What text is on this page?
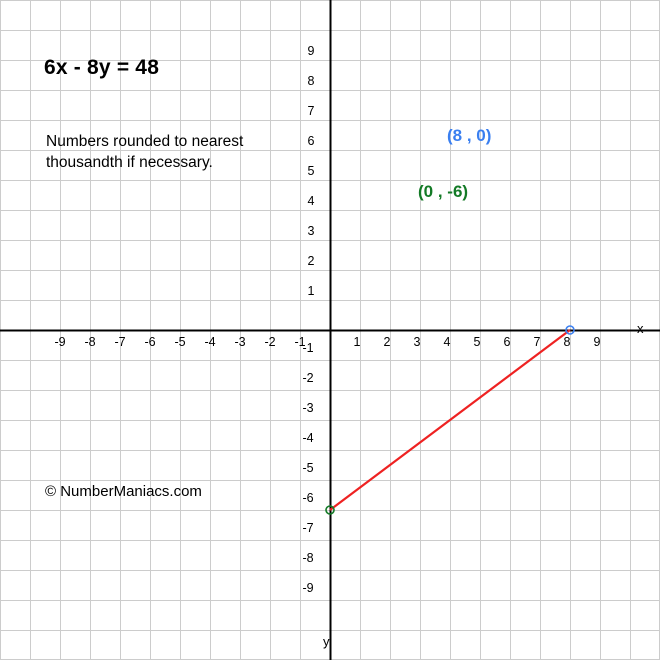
6x - 8y = 48
Numbers rounded to nearest thousandth if necessary.
© NumberManiacs.com
(8 , 0)
(0 , -6)
x
y
-9	-8	-7	-6	-5	-4	-3	-2	-1	1	2	3	4	5	6	7	8	9
9
8
7
6
5
4
3
2
1
-1
-2
-3
-4
-5
-6
-7
-8
-9
